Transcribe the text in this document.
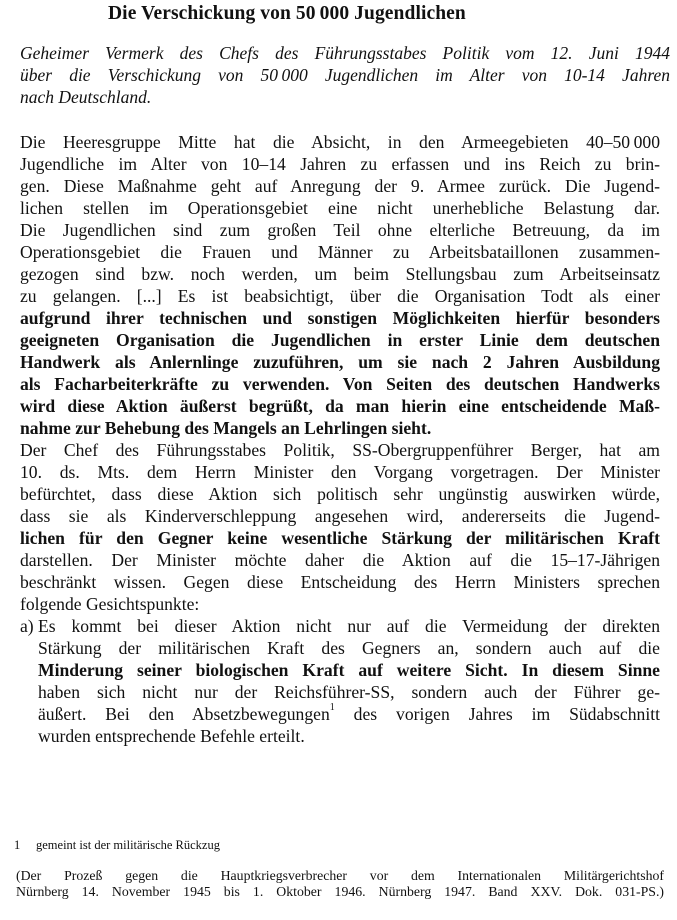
Die Verschickung von 50 000 Jugendlichen
Geheimer Vermerk des Chefs des Führungsstabes Politik vom 12. Juni 1944
über die Verschickung von 50 000 Jugendlichen im Alter von 10-14 Jahren
nach Deutschland.
Die Heeresgruppe Mitte hat die Absicht, in den Armeegebieten 40–50 000
Jugendliche im Alter von 10–14 Jahren zu erfassen und ins Reich zu brin-
gen. Diese Maßnahme geht auf Anregung der 9. Armee zurück. Die Jugend-
lichen stellen im Operationsgebiet eine nicht unerhebliche Belastung dar.
Die Jugendlichen sind zum großen Teil ohne elterliche Betreuung, da im
Operationsgebiet die Frauen und Männer zu Arbeitsbataillonen zusammen-
gezogen sind bzw. noch werden, um beim Stellungsbau zum Arbeitseinsatz
zu gelangen. [...] Es ist beabsichtigt, über die Organisation Todt als einer
aufgrund ihrer technischen und sonstigen Möglichkeiten hierfür besonders
geeigneten Organisation die Jugendlichen in erster Linie dem deutschen
Handwerk als Anlernlinge zuzuführen, um sie nach 2 Jahren Ausbildung
als Facharbeiterkräfte zu verwenden. Von Seiten des deutschen Handwerks
wird diese Aktion äußerst begrüßt, da man hierin eine entscheidende Maß-
nahme zur Behebung des Mangels an Lehrlingen sieht.
Der Chef des Führungsstabes Politik, SS-Obergruppenführer Berger, hat am
10. ds. Mts. dem Herrn Minister den Vorgang vorgetragen. Der Minister
befürchtet, dass diese Aktion sich politisch sehr ungünstig auswirken würde,
dass sie als Kinderverschleppung angesehen wird, andererseits die Jugend-
lichen für den Gegner keine wesentliche Stärkung der militärischen Kraft
darstellen. Der Minister möchte daher die Aktion auf die 15–17-Jährigen
beschränkt wissen. Gegen diese Entscheidung des Herrn Ministers sprechen
folgende Gesichtspunkte:
a) Es kommt bei dieser Aktion nicht nur auf die Vermeidung der direkten
Stärkung der militärischen Kraft des Gegners an, sondern auch auf die
Minderung seiner biologischen Kraft auf weitere Sicht. In diesem Sinne
haben sich nicht nur der Reichsführer-SS, sondern auch der Führer ge-
äußert. Bei den Absetzbewegungen$^1$ des vorigen Jahres im Südabschnitt
wurden entsprechende Befehle erteilt.
1 gemeint ist der militärische Rückzug
(Der Prozeß gegen die Hauptkriegsverbrecher vor dem Internationalen Militärgerichtshof
Nürnberg 14. November 1945 bis 1. Oktober 1946. Nürnberg 1947. Band XXV. Dok. 031-PS.)
